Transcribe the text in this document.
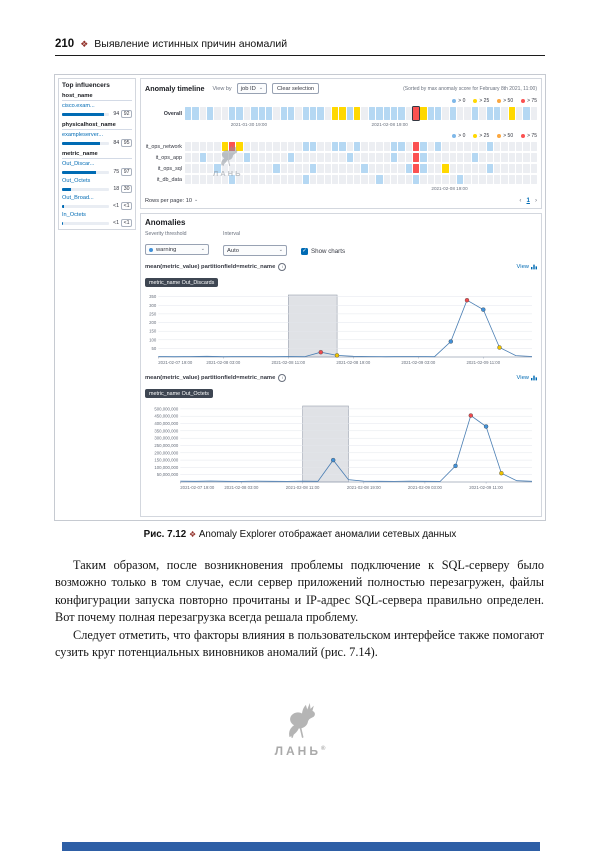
210 ❖ Выявление истинных причин аномалий
Top influencers
host_name
cisco.exam...
94 92
physicalhost_name
exampleserver...
84 95
metric_name
Out_Discar...
75 97
Out_Octets
18 30
Out_Broad...
<1 <1
In_Octets
<1 <1
Anomaly timeline View by job ID ⌄	Clear selection	(Sorted by max anomaly score for February 8th 2021, 11:00)
> 0	> 25	> 50	> 75
Overall
2021-01-30 19:00	2021-02-08 19:00
> 0	> 25	> 50	> 75
it_ops_network
it_ops_app
it_ops_sql
it_db_data
2021-02-08 19:00
Rows per page: 10 ⌄	‹ 1 ›
ЛАНЬ
Anomalies
Severity threshold
warning	⌄
Interval
Auto	⌄	✓ Show charts
mean(metric_value) partitionfield=metric_name	i	View
metric_name Out_Discards
350
300
250
200
150
100
50
2021-02-07 19:00	2021-02-08 03:00	2021-02-08 11:00	2021-02-08 19:00	2021-02-09 03:00	2021-02-09 11:00
mean(metric_value) partitionfield=metric_name	i	View
metric_name Out_Octets
500,000,000
450,000,000
400,000,000
350,000,000
300,000,000
250,000,000
200,000,000
150,000,000
100,000,000
50,000,000
2021-02-07 19:00 2021-02-08 03:00	2021-02-08 11:00	2021-02-08 19:00	2021-02-09 03:00	2021-02-09 11:00
Рис. 7.12 ❖ Anomaly Explorer отображает аномалии сетевых данных

Таким образом, после возникновения проблемы подключение к SQL-серверу было возможно только в том случае, если сервер приложений полностью перезагружен, файлы конфигурации запуска повторно прочитаны и IP-адрес SQL-сервера правильно определен. Вот почему полная перезагрузка всегда решала проблему.

Следует отметить, что факторы влияния в пользовательском интерфейсе также помогают сузить круг потенциальных виновников аномалий (рис. 7.14).

ЛАНЬ®
